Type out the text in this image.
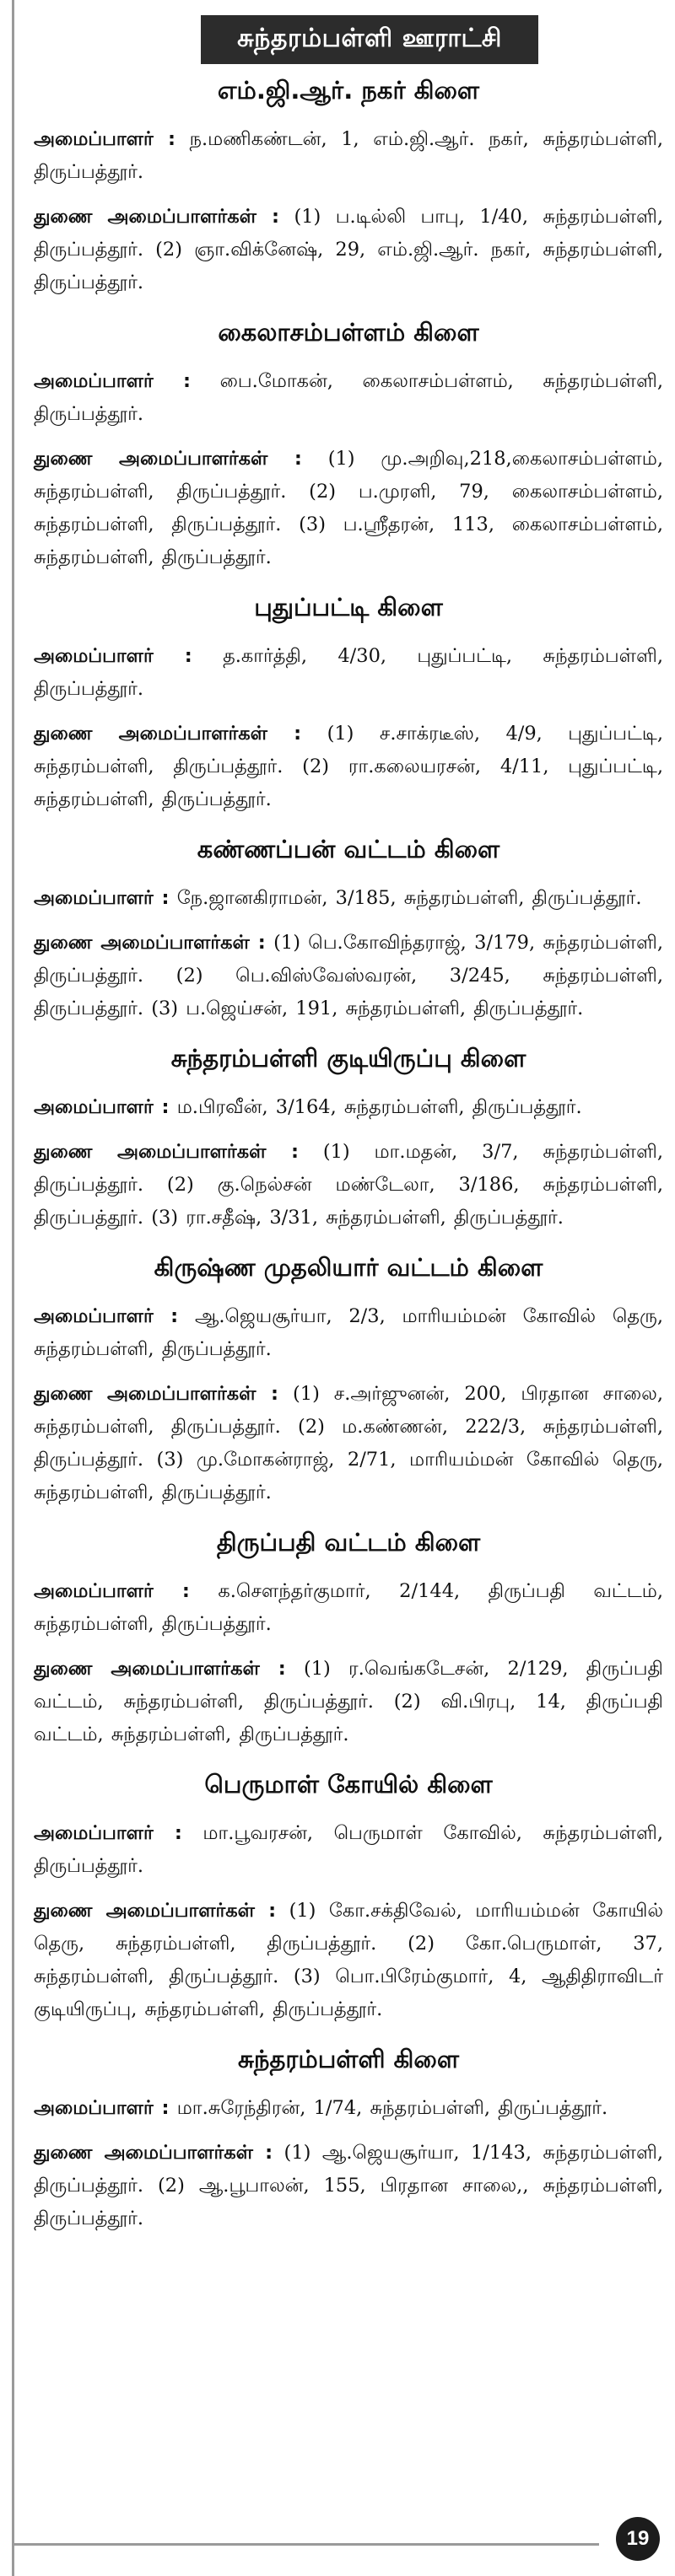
சுந்தரம்பள்ளி ஊராட்சி
எம்.ஜி.ஆர். நகர் கிளை

அமைப்பாளர் : ந.மணிகண்டன், 1, எம்.ஜி.ஆர். நகர், சுந்தரம்பள்ளி, திருப்பத்தூர்.

துணை அமைப்பாளர்கள் : (1) ப.டில்லி பாபு, 1/40, சுந்தரம்பள்ளி, திருப்பத்தூர். (2) ஞா.விக்னேஷ், 29, எம்.ஜி.ஆர். நகர், சுந்தரம்பள்ளி, திருப்பத்தூர்.

கைலாசம்பள்ளம் கிளை

அமைப்பாளர் : பை.மோகன், கைலாசம்பள்ளம், சுந்தரம்பள்ளி, திருப்பத்தூர்.

துணை அமைப்பாளர்கள் : (1) மு.அறிவு,218,கைலாசம்பள்ளம், சுந்தரம்பள்ளி, திருப்பத்தூர். (2) ப.முரளி, 79, கைலாசம்பள்ளம், சுந்தரம்பள்ளி, திருப்பத்தூர். (3) ப.ஸ்ரீதரன், 113, கைலாசம்பள்ளம், சுந்தரம்பள்ளி, திருப்பத்தூர்.

புதுப்பட்டி கிளை

அமைப்பாளர் : த.கார்த்தி, 4/30, புதுப்பட்டி, சுந்தரம்பள்ளி, திருப்பத்தூர்.

துணை அமைப்பாளர்கள் : (1) ச.சாக்ரடீஸ், 4/9, புதுப்பட்டி, சுந்தரம்பள்ளி, திருப்பத்தூர். (2) ரா.கலையரசன், 4/11, புதுப்பட்டி, சுந்தரம்பள்ளி, திருப்பத்தூர்.

கண்ணப்பன் வட்டம் கிளை

அமைப்பாளர் : நே.ஜானகிராமன், 3/185, சுந்தரம்பள்ளி, திருப்பத்தூர்.

துணை அமைப்பாளர்கள் : (1) பெ.கோவிந்தராஜ், 3/179, சுந்தரம்பள்ளி, திருப்பத்தூர். (2) பெ.விஸ்வேஸ்வரன், 3/245, சுந்தரம்பள்ளி, திருப்பத்தூர். (3) ப.ஜெய்சன், 191, சுந்தரம்பள்ளி, திருப்பத்தூர்.

சுந்தரம்பள்ளி குடியிருப்பு கிளை

அமைப்பாளர் : ம.பிரவீன், 3/164, சுந்தரம்பள்ளி, திருப்பத்தூர்.

துணை அமைப்பாளர்கள் : (1) மா.மதன், 3/7, சுந்தரம்பள்ளி, திருப்பத்தூர். (2) கு.நெல்சன் மண்டேலா, 3/186, சுந்தரம்பள்ளி, திருப்பத்தூர். (3) ரா.சதீஷ், 3/31, சுந்தரம்பள்ளி, திருப்பத்தூர்.

கிருஷ்ண முதலியார் வட்டம் கிளை

அமைப்பாளர் : ஆ.ஜெயசூர்யா, 2/3, மாரியம்மன் கோவில் தெரு, சுந்தரம்பள்ளி, திருப்பத்தூர்.

துணை அமைப்பாளர்கள் : (1) ச.அர்ஜுனன், 200, பிரதான சாலை, சுந்தரம்பள்ளி, திருப்பத்தூர். (2) ம.கண்ணன், 222/3, சுந்தரம்பள்ளி, திருப்பத்தூர். (3) மு.மோகன்ராஜ், 2/71, மாரியம்மன் கோவில் தெரு, சுந்தரம்பள்ளி, திருப்பத்தூர்.

திருப்பதி வட்டம் கிளை

அமைப்பாளர் : க.சௌந்தர்குமார், 2/144, திருப்பதி வட்டம், சுந்தரம்பள்ளி, திருப்பத்தூர்.

துணை அமைப்பாளர்கள் : (1) ர.வெங்கடேசன், 2/129, திருப்பதி வட்டம், சுந்தரம்பள்ளி, திருப்பத்தூர். (2) வி.பிரபு, 14, திருப்பதி வட்டம், சுந்தரம்பள்ளி, திருப்பத்தூர்.

பெருமாள் கோயில் கிளை

அமைப்பாளர் : மா.பூவரசன், பெருமாள் கோவில், சுந்தரம்பள்ளி, திருப்பத்தூர்.

துணை அமைப்பாளர்கள் : (1) கோ.சக்திவேல், மாரியம்மன் கோயில் தெரு, சுந்தரம்பள்ளி, திருப்பத்தூர். (2) கோ.பெருமாள், 37, சுந்தரம்பள்ளி, திருப்பத்தூர். (3) பொ.பிரேம்குமார், 4, ஆதிதிராவிடர் குடியிருப்பு, சுந்தரம்பள்ளி, திருப்பத்தூர்.

சுந்தரம்பள்ளி கிளை

அமைப்பாளர் : மா.சுரேந்திரன், 1/74, சுந்தரம்பள்ளி, திருப்பத்தூர்.

துணை அமைப்பாளர்கள் : (1) ஆ.ஜெயசூர்யா, 1/143, சுந்தரம்பள்ளி, திருப்பத்தூர். (2) ஆ.பூபாலன், 155, பிரதான சாலை,, சுந்தரம்பள்ளி, திருப்பத்தூர்.

19
